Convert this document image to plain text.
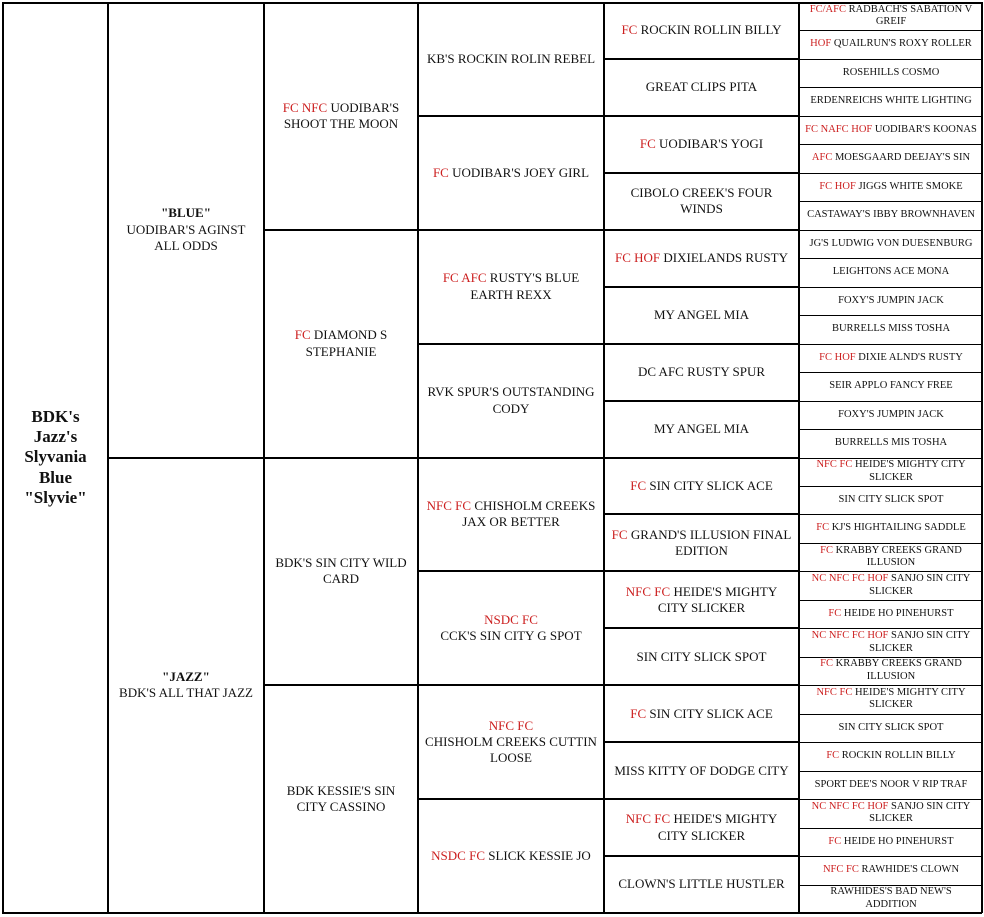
BDK's Jazz's
Slyvania Blue
"Slyvie"
"BLUE"
UODIBAR'S AGINST ALL ODDS
"JAZZ"
BDK'S ALL THAT JAZZ
FC NFC UODIBAR'S SHOOT THE MOON
FC DIAMOND S STEPHANIE
BDK'S SIN CITY WILD CARD
BDK KESSIE'S SIN CITY CASSINO
KB'S ROCKIN ROLIN REBEL
FC UODIBAR'S JOEY GIRL
FC AFC RUSTY'S BLUE EARTH REXX
RVK SPUR'S OUTSTANDING CODY
NFC FC CHISHOLM CREEKS JAX OR BETTER
NSDC FC
CCK'S SIN CITY G SPOT
NFC FC
CHISHOLM CREEKS CUTTIN LOOSE
NSDC FC SLICK KESSIE JO
FC ROCKIN ROLLIN BILLY
GREAT CLIPS PITA
FC UODIBAR'S YOGI
CIBOLO CREEK'S FOUR WINDS
FC HOF DIXIELANDS RUSTY
MY ANGEL MIA
DC AFC RUSTY SPUR
MY ANGEL MIA
FC SIN CITY SLICK ACE
FC GRAND'S ILLUSION FINAL EDITION
NFC FC HEIDE'S MIGHTY CITY SLICKER
SIN CITY SLICK SPOT
FC SIN CITY SLICK ACE
MISS KITTY OF DODGE CITY
NFC FC HEIDE'S MIGHTY CITY SLICKER
CLOWN'S LITTLE HUSTLER
FC/AFC RADBACH'S SABATION V GREIF
HOF QUAILRUN'S ROXY ROLLER
ROSEHILLS COSMO
ERDENREICHS WHITE LIGHTING
FC NAFC HOF UODIBAR'S KOONAS
AFC MOESGAARD DEEJAY'S SIN
FC HOF JIGGS WHITE SMOKE
CASTAWAY'S IBBY BROWNHAVEN
JG'S LUDWIG VON DUESENBURG
LEIGHTONS ACE MONA
FOXY'S JUMPIN JACK
BURRELLS MISS TOSHA
FC HOF DIXIE ALND'S RUSTY
SEIR APPLO FANCY FREE
FOXY'S JUMPIN JACK
BURRELLS MIS TOSHA
NFC FC HEIDE'S MIGHTY CITY SLICKER
SIN CITY SLICK SPOT
FC KJ'S HIGHTAILING SADDLE
FC KRABBY CREEKS GRAND ILLUSION
NC NFC FC HOF SANJO SIN CITY SLICKER
FC HEIDE HO PINEHURST
NC NFC FC HOF SANJO SIN CITY SLICKER
FC KRABBY CREEKS GRAND ILLUSION
NFC FC HEIDE'S MIGHTY CITY SLICKER
SIN CITY SLICK SPOT
FC ROCKIN ROLLIN BILLY
SPORT DEE'S NOOR V RIP TRAF
NC NFC FC HOF SANJO SIN CITY SLICKER
FC HEIDE HO PINEHURST
NFC FC RAWHIDE'S CLOWN
RAWHIDES'S BAD NEW'S ADDITION
